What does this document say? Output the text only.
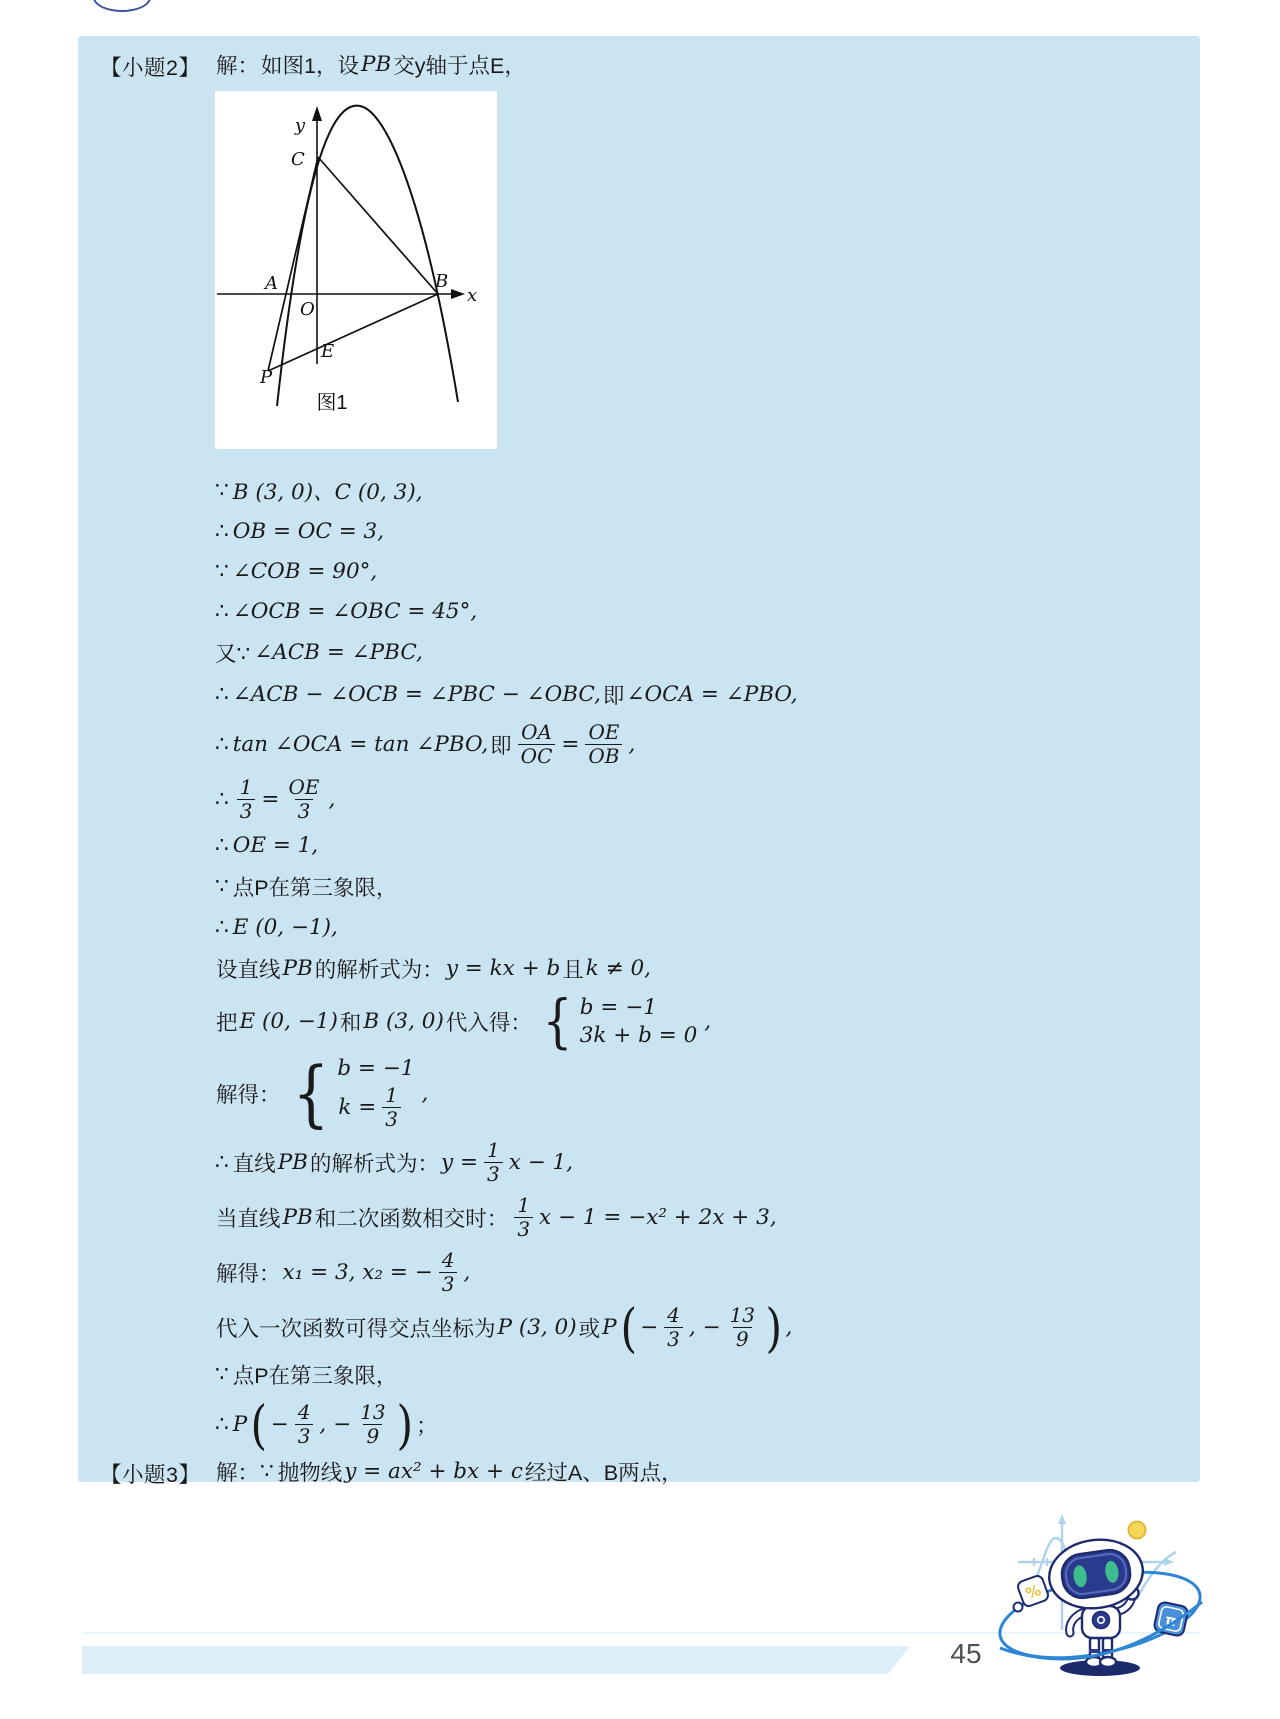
【小题2】 解： 如图1，设 PB 交y轴于点E，
y
x
C
A	B
O
E
P
图1
∵ B (3, 0)、C (0, 3),
∴ OB = OC = 3,
∵ ∠COB = 90°,
∴ ∠OCB = ∠OBC = 45°,
又∵ ∠ACB = ∠PBC,
∴ ∠ACB − ∠OCB = ∠PBC − ∠OBC, 即 ∠OCA = ∠PBO,
∴ tan ∠OCA = tan ∠PBO, 即 $\frac{OA}{OC} = \frac{OE}{OB}$ ,
∴ $\frac{1}{3} = \frac{OE}{3}$ ,
∴ OE = 1,
∵ 点P在第三象限，
∴ E (0, −1),
设直线 PB 的解析式为： y = kx + b 且 k ≠ 0,
把 E (0, −1) 和 B (3, 0) 代入得： { b = −1
3k + b = 0
,
解得： { b = −1
$k = \frac{1}{3}$ ,
∴ 直线 PB 的解析式为： $y = \frac{1}{3}$ x − 1,
当直线 PB 和二次函数相交时： $\frac{1}{3}$ x − 1 = −x² + 2x + 3,
解得： x₁ = 3, x₂ = − $\frac{4}{3}$ ,
代入一次函数可得交点坐标为 P (3, 0) 或 P ( − $\frac{4}{3}$ , − $\frac{13}{9}$ ) ,
∵ 点P在第三象限，
∴ P ( − $\frac{4}{3}$ , − $\frac{13}{9}$ ) ；
【小题3】 解： ∵ 抛物线 y = ax² + bx + c 经过A、B两点，
45
%
π
